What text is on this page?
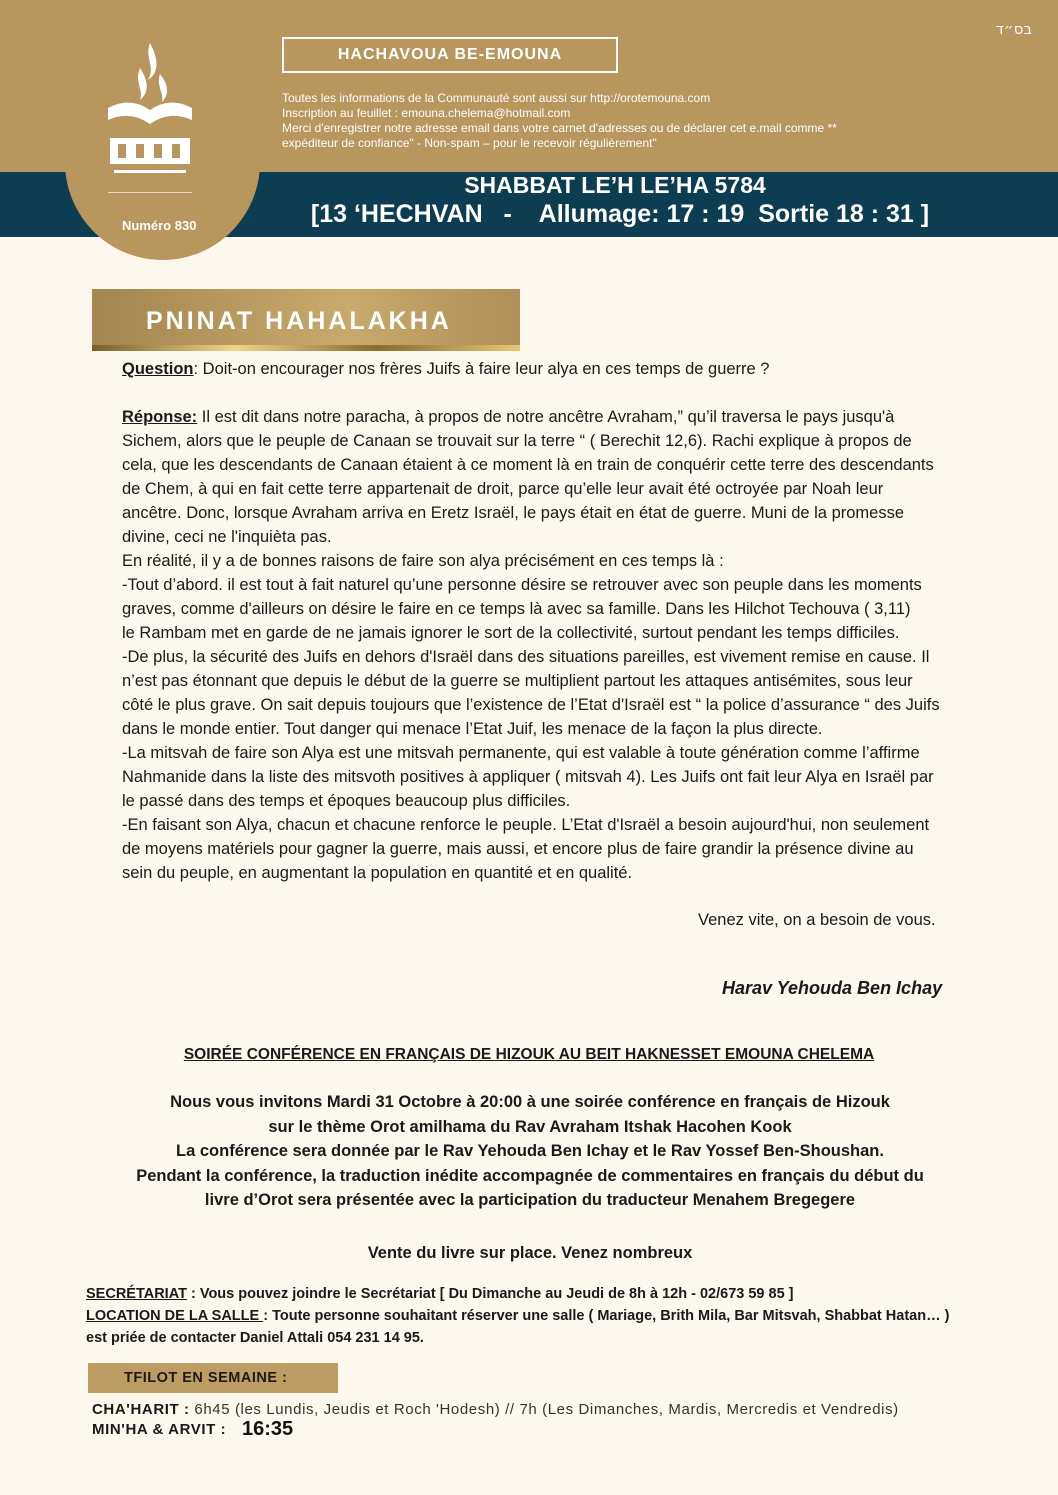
בס״ד
Numéro 830
HACHAVOUA BE-EMOUNA
Toutes les informations de la Communauté sont aussi sur http://orotemouna.com
Inscription au feuillet : emouna.chelema@hotmail.com
Merci d'enregistrer notre adresse email dans votre carnet d'adresses ou de déclarer cet e.mail comme **
expéditeur de confiance" - Non-spam – pour le recevoir régulièrement"
SHABBAT LE’H LE’HA 5784
[13 ‘HECHVAN   -    Allumage: 17 : 19  Sortie 18 : 31 ]
PNINAT HAHALAKHA
Question: Doit-on encourager nos frères Juifs à faire leur alya en ces temps de guerre ?
Réponse: Il est dit dans notre paracha, à propos de notre ancêtre Avraham,” qu’il traversa le pays jusqu'à
Sichem, alors que le peuple de Canaan se trouvait sur la terre “ ( Berechit 12,6). Rachi explique à propos de
cela, que les descendants de Canaan étaient à ce moment là en train de conquérir cette terre des descendants
de Chem, à qui en fait cette terre appartenait de droit, parce qu’elle leur avait été octroyée par Noah leur
ancêtre. Donc, lorsque Avraham arriva en Eretz Israël, le pays était en état de guerre. Muni de la promesse
divine, ceci ne l'inquièta pas.
En réalité, il y a de bonnes raisons de faire son alya précisément en ces temps là :
-Tout d’abord. il est tout à fait naturel qu’une personne désire se retrouver avec son peuple dans les moments
graves, comme d'ailleurs on désire le faire en ce temps là avec sa famille. Dans les Hilchot Techouva ( 3,11)
le Rambam met en garde de ne jamais ignorer le sort de la collectivité, surtout pendant les temps difficiles.
-De plus, la sécurité des Juifs en dehors d'Israël dans des situations pareilles, est vivement remise en cause. Il
n’est pas étonnant que depuis le début de la guerre se multiplient partout les attaques antisémites, sous leur
côté le plus grave. On sait depuis toujours que l’existence de l’Etat d'Israël est “ la police d’assurance “ des Juifs
dans le monde entier. Tout danger qui menace l’Etat Juif, les menace de la façon la plus directe.
-La mitsvah de faire son Alya est une mitsvah permanente, qui est valable à toute génération comme l’affirme
Nahmanide dans la liste des mitsvoth positives à appliquer ( mitsvah 4). Les Juifs ont fait leur Alya en Israël par
le passé dans des temps et époques beaucoup plus difficiles.
-En faisant son Alya, chacun et chacune renforce le peuple. L’Etat d'Israël a besoin aujourd'hui, non seulement
de moyens matériels pour gagner la guerre, mais aussi, et encore plus de faire grandir la présence divine au
sein du peuple, en augmentant la population en quantité et en qualité.
Venez vite, on a besoin de vous.
Harav Yehouda Ben Ichay
SOIRÉE CONFÉRENCE EN FRANÇAIS DE HIZOUK AU BEIT HAKNESSET EMOUNA CHELEMA
Nous vous invitons Mardi 31 Octobre à 20:00 à une soirée conférence en français de Hizouk
sur le thème Orot amilhama du Rav Avraham Itshak Hacohen Kook
La conférence sera donnée par le Rav Yehouda Ben Ichay et le Rav Yossef Ben-Shoushan.
Pendant la conférence, la traduction inédite accompagnée de commentaires en français du début du
livre d’Orot sera présentée avec la participation du traducteur Menahem Bregegere
Vente du livre sur place. Venez nombreux
SECRÉTARIAT : Vous pouvez joindre le Secrétariat [ Du Dimanche au Jeudi de 8h à 12h - 02/673 59 85 ]
LOCATION DE LA SALLE : Toute personne souhaitant réserver une salle ( Mariage, Brith Mila, Bar Mitsvah, Shabbat Hatan… )
est priée de contacter Daniel Attali 054 231 14 95.
TFILOT EN SEMAINE :
CHA'HARIT : 6h45 (les Lundis, Jeudis et Roch 'Hodesh) // 7h (Les Dimanches, Mardis, Mercredis et Vendredis)
MIN'HA & ARVIT : 16:35
